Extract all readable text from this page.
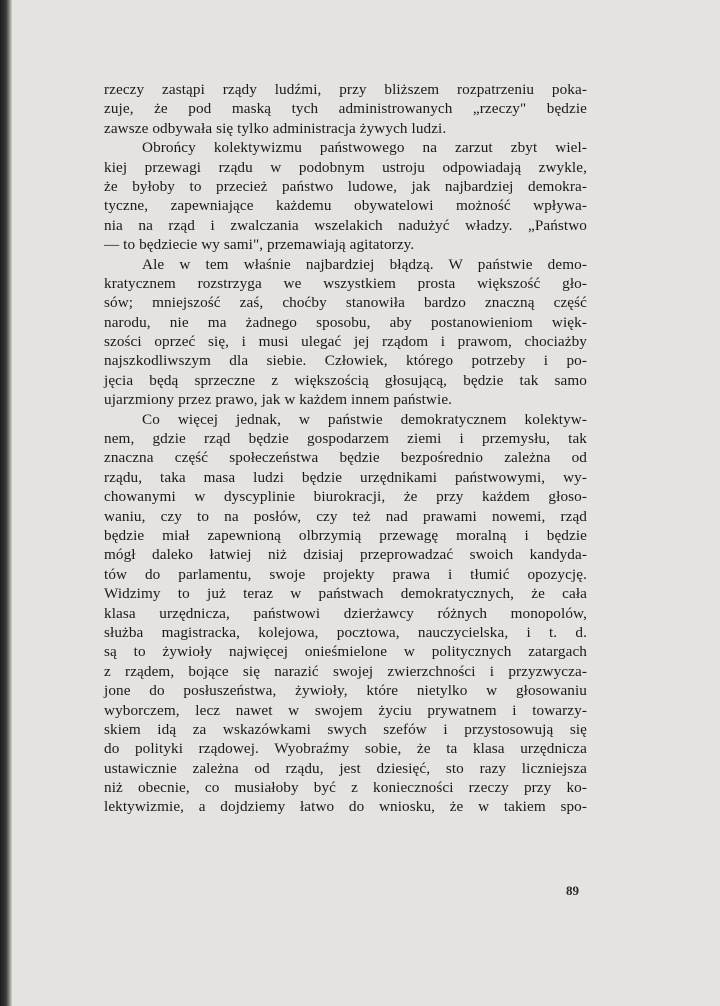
rzeczy zastąpi rządy ludźmi, przy bliższem rozpatrzeniu poka-
zuje, że pod maską tych administrowanych „rzeczy" będzie
zawsze odbywała się tylko administracja żywych ludzi.
Obrońcy kolektywizmu państwowego na zarzut zbyt wiel-
kiej przewagi rządu w podobnym ustroju odpowiadają zwykle,
że byłoby to przecież państwo ludowe, jak najbardziej demokra-
tyczne, zapewniające każdemu obywatelowi możność wpływa-
nia na rząd i zwalczania wszelakich nadużyć władzy. „Państwo
— to będziecie wy sami", przemawiają agitatorzy.
Ale w tem właśnie najbardziej błądzą. W państwie demo-
kratycznem rozstrzyga we wszystkiem prosta większość gło-
sów; mniejszość zaś, choćby stanowiła bardzo znaczną część
narodu, nie ma żadnego sposobu, aby postanowieniom więk-
szości oprzeć się, i musi ulegać jej rządom i prawom, chociażby
najszkodliwszym dla siebie. Człowiek, którego potrzeby i po-
jęcia będą sprzeczne z większością głosującą, będzie tak samo
ujarzmiony przez prawo, jak w każdem innem państwie.
Co więcej jednak, w państwie demokratycznem kolektyw-
nem, gdzie rząd będzie gospodarzem ziemi i przemysłu, tak
znaczna część społeczeństwa będzie bezpośrednio zależna od
rządu, taka masa ludzi będzie urzędnikami państwowymi, wy-
chowanymi w dyscyplinie biurokracji, że przy każdem głoso-
waniu, czy to na posłów, czy też nad prawami nowemi, rząd
będzie miał zapewnioną olbrzymią przewagę moralną i będzie
mógł daleko łatwiej niż dzisiaj przeprowadzać swoich kandyda-
tów do parlamentu, swoje projekty prawa i tłumić opozycję.
Widzimy to już teraz w państwach demokratycznych, że cała
klasa urzędnicza, państwowi dzierżawcy różnych monopolów,
służba magistracka, kolejowa, pocztowa, nauczycielska, i t. d.
są to żywioły najwięcej onieśmielone w politycznych zatargach
z rządem, bojące się narazić swojej zwierzchności i przyzwycza-
jone do posłuszeństwa, żywioły, które nietylko w głosowaniu
wyborczem, lecz nawet w swojem życiu prywatnem i towarzy-
skiem idą za wskazówkami swych szefów i przystosowują się
do polityki rządowej. Wyobraźmy sobie, że ta klasa urzędnicza
ustawicznie zależna od rządu, jest dziesięć, sto razy liczniejsza
niż obecnie, co musiałoby być z konieczności rzeczy przy ko-
lektywizmie, a dojdziemy łatwo do wniosku, że w takiem spo-
89
